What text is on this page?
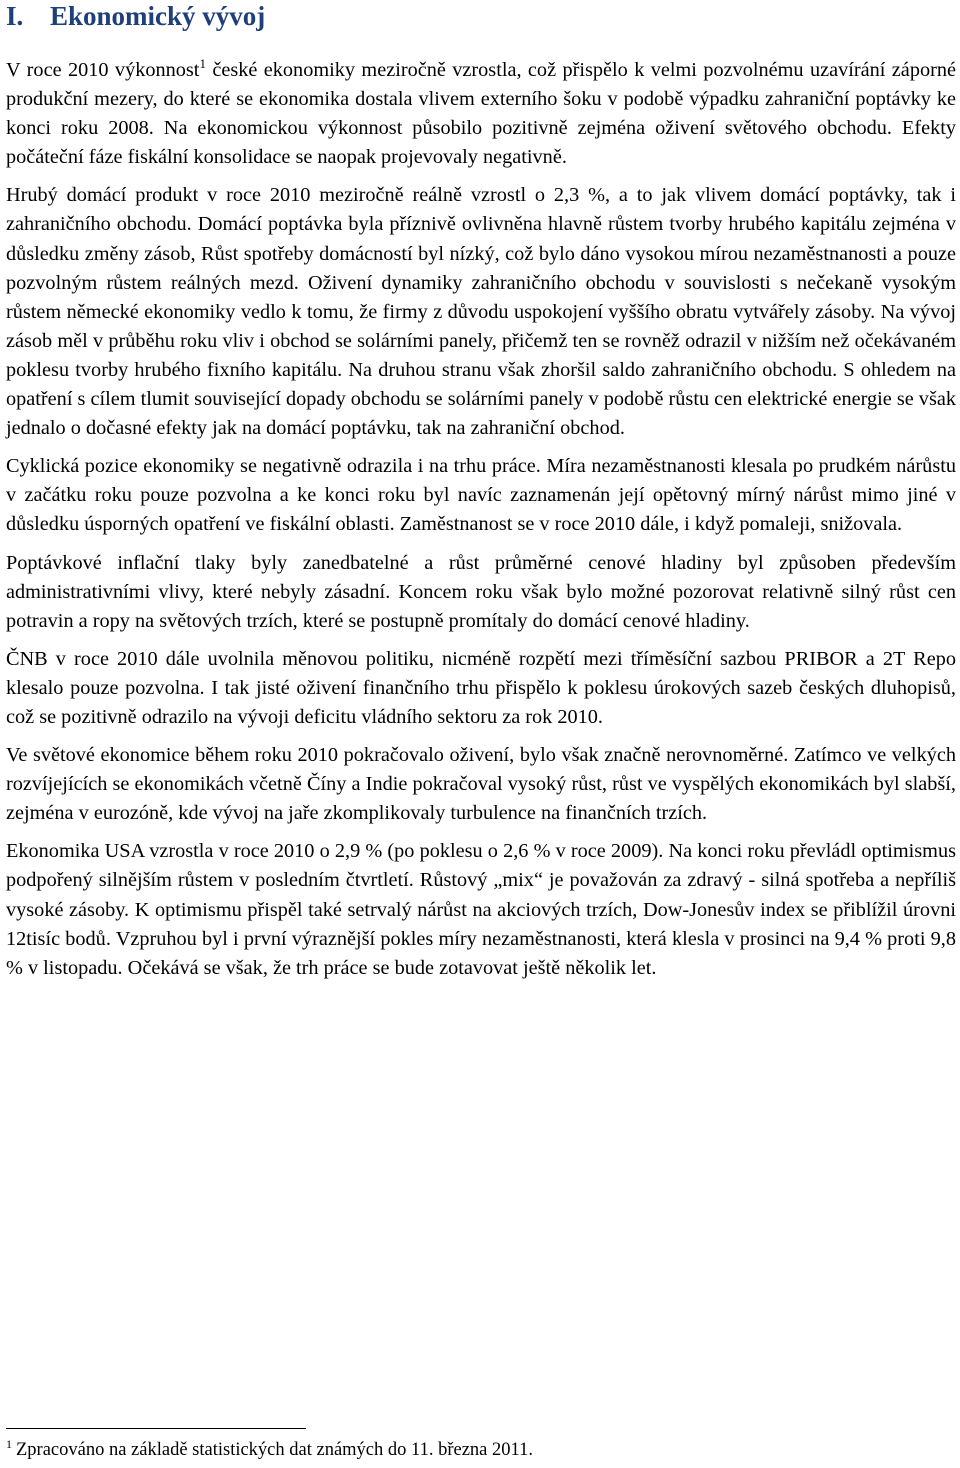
I. Ekonomický vývoj

V roce 2010 výkonnost$^1$ české ekonomiky meziročně vzrostla, což přispělo k velmi pozvolnému uzavírání záporné produkční mezery, do které se ekonomika dostala vlivem externího šoku v podobě výpadku zahraniční poptávky ke konci roku 2008. Na ekonomickou výkonnost působilo pozitivně zejména oživení světového obchodu. Efekty počáteční fáze fiskální konsolidace se naopak projevovaly negativně.

Hrubý domácí produkt v roce 2010 meziročně reálně vzrostl o 2,3 %, a to jak vlivem domácí poptávky, tak i zahraničního obchodu. Domácí poptávka byla příznivě ovlivněna hlavně růstem tvorby hrubého kapitálu zejména v důsledku změny zásob, Růst spotřeby domácností byl nízký, což bylo dáno vysokou mírou nezaměstnanosti a pouze pozvolným růstem reálných mezd. Oživení dynamiky zahraničního obchodu v souvislosti s nečekaně vysokým růstem německé ekonomiky vedlo k tomu, že firmy z důvodu uspokojení vyššího obratu vytvářely zásoby. Na vývoj zásob měl v průběhu roku vliv i obchod se solárními panely, přičemž ten se rovněž odrazil v nižším než očekávaném poklesu tvorby hrubého fixního kapitálu. Na druhou stranu však zhoršil saldo zahraničního obchodu. S ohledem na opatření s cílem tlumit související dopady obchodu se solárními panely v podobě růstu cen elektrické energie se však jednalo o dočasné efekty jak na domácí poptávku, tak na zahraniční obchod.

Cyklická pozice ekonomiky se negativně odrazila i na trhu práce. Míra nezaměstnanosti klesala po prudkém nárůstu v začátku roku pouze pozvolna a ke konci roku byl navíc zaznamenán její opětovný mírný nárůst mimo jiné v důsledku úsporných opatření ve fiskální oblasti. Zaměstnanost se v roce 2010 dále, i když pomaleji, snižovala.

Poptávkové inflační tlaky byly zanedbatelné a růst průměrné cenové hladiny byl způsoben především administrativními vlivy, které nebyly zásadní. Koncem roku však bylo možné pozorovat relativně silný růst cen potravin a ropy na světových trzích, které se postupně promítaly do domácí cenové hladiny.

ČNB v roce 2010 dále uvolnila měnovou politiku, nicméně rozpětí mezi tříměsíční sazbou PRIBOR a 2T Repo klesalo pouze pozvolna. I tak jisté oživení finančního trhu přispělo k poklesu úrokových sazeb českých dluhopisů, což se pozitivně odrazilo na vývoji deficitu vládního sektoru za rok 2010.

Ve světové ekonomice během roku 2010 pokračovalo oživení, bylo však značně nerovnoměrné. Zatímco ve velkých rozvíjejících se ekonomikách včetně Číny a Indie pokračoval vysoký růst, růst ve vyspělých ekonomikách byl slabší, zejména v eurozóně, kde vývoj na jaře zkomplikovaly turbulence na finančních trzích.

Ekonomika USA vzrostla v roce 2010 o 2,9 % (po poklesu o 2,6 % v roce 2009). Na konci roku převládl optimismus podpořený silnějším růstem v posledním čtvrtletí. Růstový „mix“ je považován za zdravý - silná spotřeba a nepříliš vysoké zásoby. K optimismu přispěl také setrvalý nárůst na akciových trzích, Dow-Jonesův index se přiblížil úrovni 12tisíc bodů. Vzpruhou byl i první výraznější pokles míry nezaměstnanosti, která klesla v prosinci na 9,4 % proti 9,8 % v listopadu. Očekává se však, že trh práce se bude zotavovat ještě několik let.

$^1$ Zpracováno na základě statistických dat známých do 11. března 2011.
